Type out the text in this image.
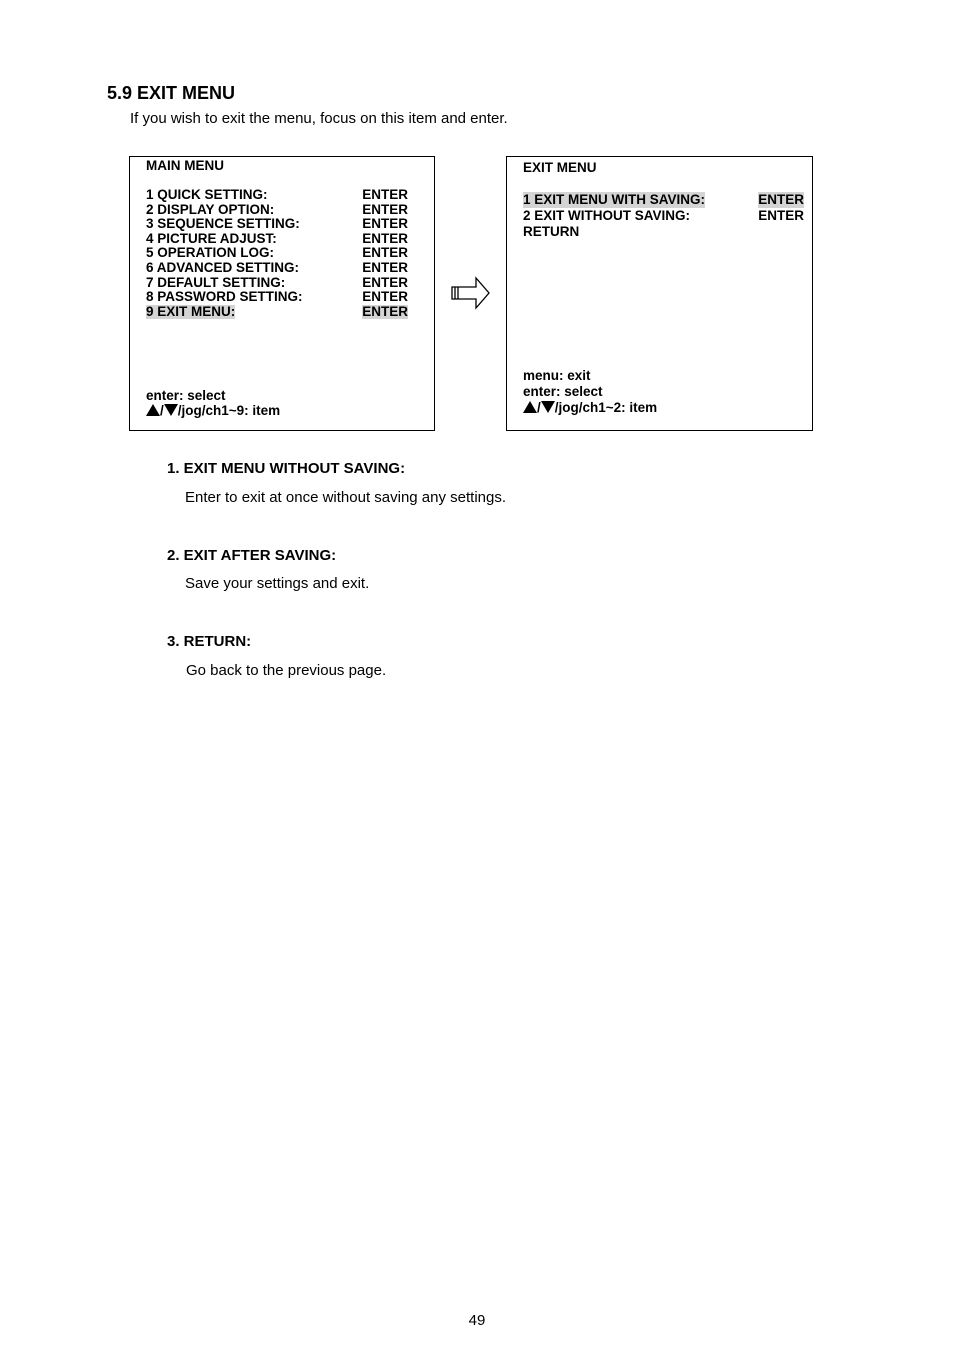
5.9 EXIT MENU
If you wish to exit the menu, focus on this item and enter.
MAIN MENU
1 QUICK SETTING:	ENTER
2 DISPLAY OPTION:	ENTER
3 SEQUENCE SETTING:	ENTER
4 PICTURE ADJUST:	ENTER
5 OPERATION LOG:	ENTER
6 ADVANCED SETTING:	ENTER
7 DEFAULT SETTING:	ENTER
8 PASSWORD SETTING:	ENTER
9 EXIT MENU:	ENTER
enter: select
/ /jog/ch1~9: item
EXIT MENU
1 EXIT MENU WITH SAVING:	ENTER
2 EXIT WITHOUT SAVING:	ENTER
RETURN
menu: exit
enter: select
/ /jog/ch1~2: item
1. EXIT MENU WITHOUT SAVING:
Enter to exit at once without saving any settings.
2. EXIT AFTER SAVING:
Save your settings and exit.
3. RETURN:
Go back to the previous page.
49
